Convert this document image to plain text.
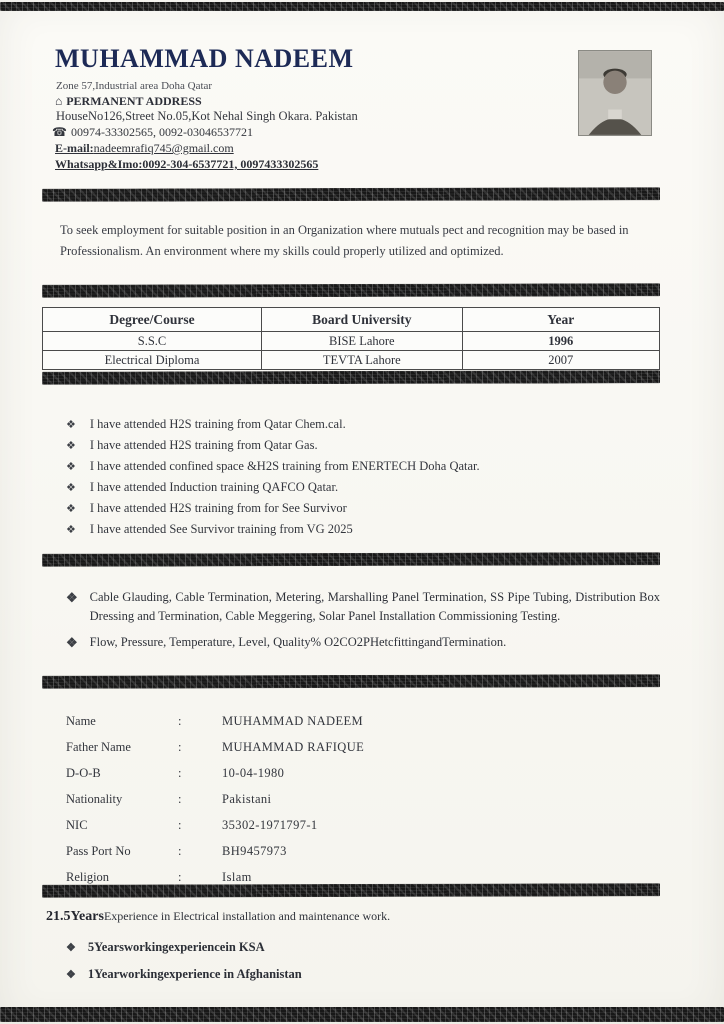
MUHAMMAD NADEEM
Zone 57,Industrial area Doha Qatar
⌂ PERMANENT ADDRESS
HouseNo126,Street No.05,Kot Nehal Singh Okara. Pakistan
☎ 00974-33302565, 0092-03046537721
E-mail:nadeemrafiq745@gmail.com
Whatsapp&Imo:0092-304-6537721, 0097433302565

To seek employment for suitable position in an Organization where mutuals pect and recognition may be based in Professionalism. An environment where my skills could properly utilized and optimized.

Degree/Course	Board University	Year
S.S.C	BISE Lahore	1996
Electrical Diploma	TEVTA Lahore	2007
❖ I have attended H2S training from Qatar Chem.cal.
❖ I have attended H2S training from Qatar Gas.
❖ I have attended confined space &H2S training from ENERTECH Doha Qatar.
❖ I have attended Induction training QAFCO Qatar.
❖ I have attended H2S training from for See Survivor
❖ I have attended See Survivor training from VG 2025
❖ Cable Glauding, Cable Termination, Metering, Marshalling Panel Termination, SS Pipe Tubing, Distribution Box Dressing and Termination, Cable Meggering, Solar Panel Installation Commissioning Testing.
❖ Flow, Pressure, Temperature, Level, Quality% O2CO2PHetcfittingandTermination.
Name	:	MUHAMMAD NADEEM
Father Name	:	MUHAMMAD RAFIQUE
D-O-B	:	10-04-1980
Nationality	:	Pakistani
NIC	:	35302-1971797-1
Pass Port No	:	BH9457973
Religion	:	Islam
21.5YearsExperience in Electrical installation and maintenance work.
❖ 5Yearsworkingexperiencein KSA
❖ 1Yearworkingexperience in Afghanistan
